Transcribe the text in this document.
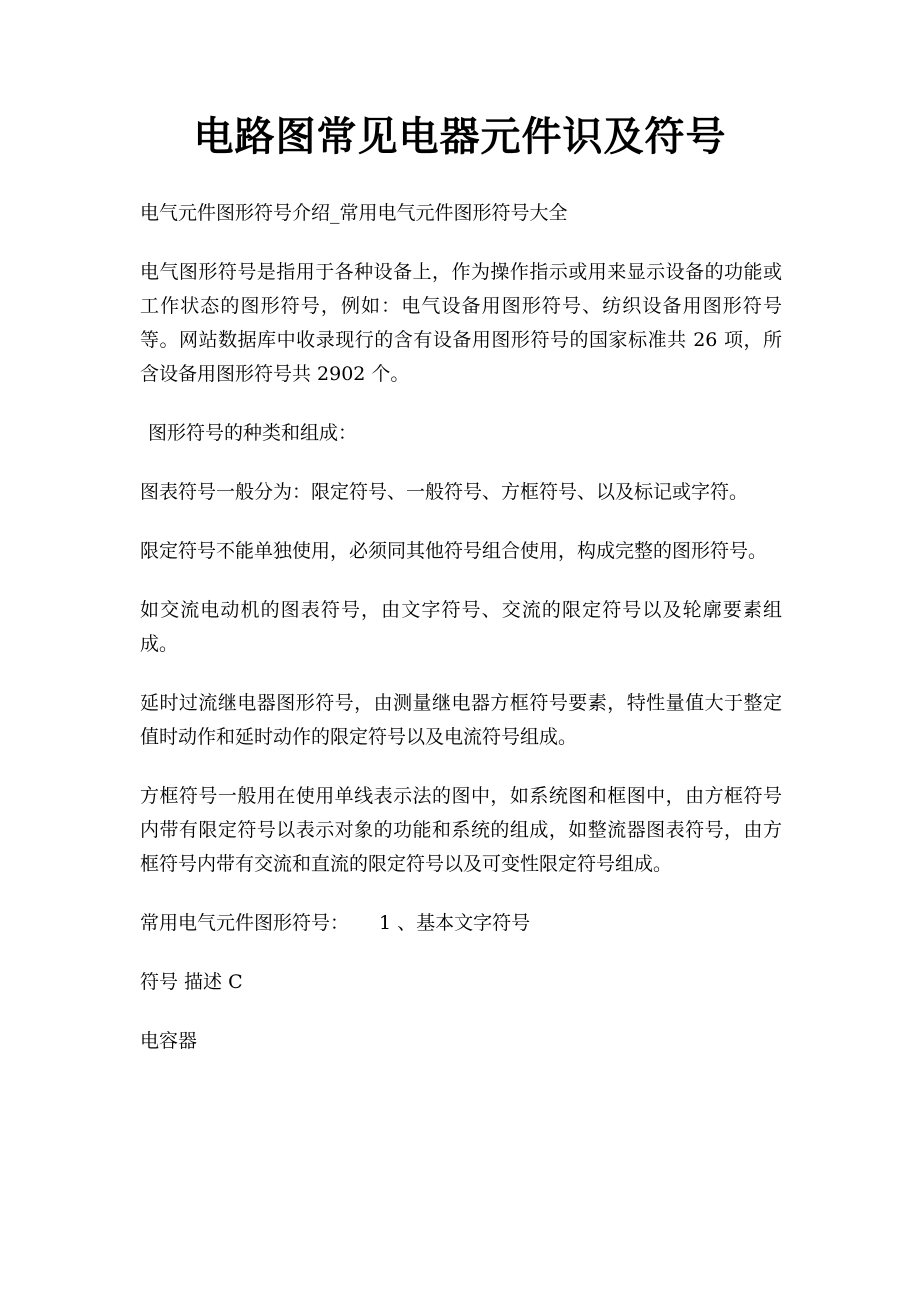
电路图常见电器元件识及符号

电气元件图形符号介绍_常用电气元件图形符号大全

电气图形符号是指用于各种设备上，作为操作指示或用来显示设备的功能或工作状态的图形符号，例如：电气设备用图形符号、纺织设备用图形符号等。网站数据库中收录现行的含有设备用图形符号的国家标准共 26 项，所含设备用图形符号共 2902 个。

图形符号的种类和组成：

图表符号一般分为：限定符号、一般符号、方框符号、以及标记或字符。

限定符号不能单独使用，必须同其他符号组合使用，构成完整的图形符号。

如交流电动机的图表符号，由文字符号、交流的限定符号以及轮廓要素组成。

延时过流继电器图形符号，由测量继电器方框符号要素，特性量值大于整定值时动作和延时动作的限定符号以及电流符号组成。

方框符号一般用在使用单线表示法的图中，如系统图和框图中，由方框符号内带有限定符号以表示对象的功能和系统的组成，如整流器图表符号，由方框符号内带有交流和直流的限定符号以及可变性限定符号组成。

常用电气元件图形符号： 1 、基本文字符号

符号 描述 C

电容器
